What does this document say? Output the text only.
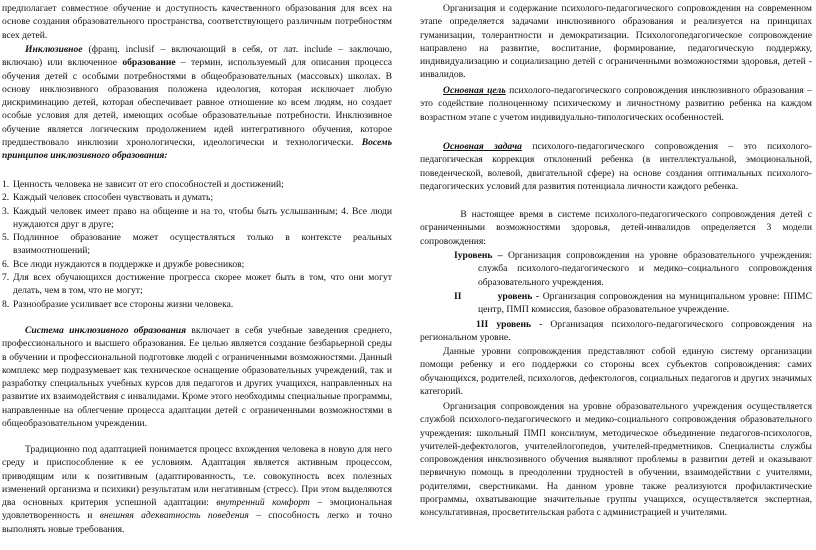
предполагает совместное обучение и доступность качественного образования для всех на основе создания образовательного пространства, соответствующего различным потребностям всех детей.

Инклюзивное (франц. inclusif – включающий в себя, от лат. include – заключаю, включаю) или включенное образование – термин, используемый для описания процесса обучения детей с особыми потребностями в общеобразовательных (массовых) школах. В основу инклюзивного образования положена идеология, которая исключает любую дискриминацию детей, которая обеспечивает равное отношение ко всем людям, но создает особые условия для детей, имеющих особые образовательные потребности. Инклюзивное обучение является логическим продолжением идей интегративного обучения, которое предшествовало инклюзии хронологически, идеологически и технологически. Восемь принципов инклюзивного образования:

1. Ценность человека не зависит от его способностей и достижений;
2. Каждый человек способен чувствовать и думать;
3. Каждый человек имеет право на общение и на то, чтобы быть услышанным; 4. Все люди нуждаются друг в друге;
5. Подлинное образование может осуществляться только в контексте реальных взаимоотношений;
6. Все люди нуждаются в поддержке и дружбе ровесников;
7. Для всех обучающихся достижение прогресса скорее может быть в том, что они могут делать, чем в том, что не могут;
8. Разнообразие усиливает все стороны жизни человека.

Система инклюзивного образования включает в себя учебные заведения среднего, профессионального и высшего образования. Ее целью является создание безбарьерной среды в обучении и профессиональной подготовке людей с ограниченными возможностями. Данный комплекс мер подразумевает как техническое оснащение образовательных учреждений, так и разработку специальных учебных курсов для педагогов и других учащихся, направленных на развитие их взаимодействия с инвалидами. Кроме этого необходимы специальные программы, направленные на облегчение процесса адаптации детей с ограниченными возможностями в общеобразовательном учреждении.

Традиционно под адаптацией понимается процесс вхождения человека в новую для него среду и приспособление к ее условиям. Адаптация является активным процессом, приводящим или к позитивным (адаптированность, т.е. совокупность всех полезных изменений организма и психики) результатам или негативным (стресс). При этом выделяются два основных критерия успешной адаптации: внутренний комфорт – эмоциональная удовлетворенность и внешняя адекватность поведения – способность легко и точно выполнять новые требования.

Организация и содержание психолого-педагогического сопровождения на современном этапе определяется задачами инклюзивного образования и реализуется на принципах гуманизации, толерантности и демократизации. Психологопедагогическое сопровождение направлено на развитие, воспитание, формирование, педагогическую поддержку, индивидуализацию и социализацию детей с ограниченными возможностями здоровья, детей - инвалидов.

Основная цель психолого-педагогического сопровождения инклюзивного образования – это содействие полноценному психическому и личностному развитию ребенка на каждом возрастном этапе с учетом индивидуально-типологических особенностей.

Основная задача психолого-педагогического сопровождения – это психолого-педагогическая коррекция отклонений ребенка (в интеллектуальной, эмоциональной, поведенческой, волевой, двигательной сфере) на основе создания оптимальных психолого-педагогических условий для развития потенциала личности каждого ребенка.

В настоящее время в системе психолого-педагогического сопровождения детей с ограниченными возможностями здоровья, детей-инвалидов определяется 3 модели сопровождения:

Iуровень – Организация сопровождения на уровне образовательного учреждения: служба психолого-педагогического и медико–социального сопровождения образовательного учреждения.
II          уровень - Организация сопровождения на муниципальном уровне: ППМС центр, ПМП комиссия, базовое образовательное учреждение.
1II уровень - Организация психолого-педагогического сопровождения на региональном уровне.

Данные уровни сопровождения представляют собой единую систему организации помощи ребенку и его поддержки со стороны всех субъектов сопровождения: самих обучающихся, родителей, психологов, дефектологов, социальных педагогов и других значимых категорий.

Организация сопровождения на уровне образовательного учреждения осуществляется службой психолого-педагогического и медико-социального сопровождения образовательного учреждения: школьный ПМП консилиум, методическое объединение педагогов-психологов, учителей-дефектологов, учителейлогопедов, учителей-предметников. Специалисты службы сопровождения инклюзивного обучения выявляют проблемы в развитии детей и оказывают первичную помощь в преодолении трудностей в обучении, взаимодействии с учителями, родителями, сверстниками. На данном уровне также реализуются профилактические программы, охватывающие значительные группы учащихся, осуществляется экспертная, консультативная, просветительская работа с администрацией и учителями.
